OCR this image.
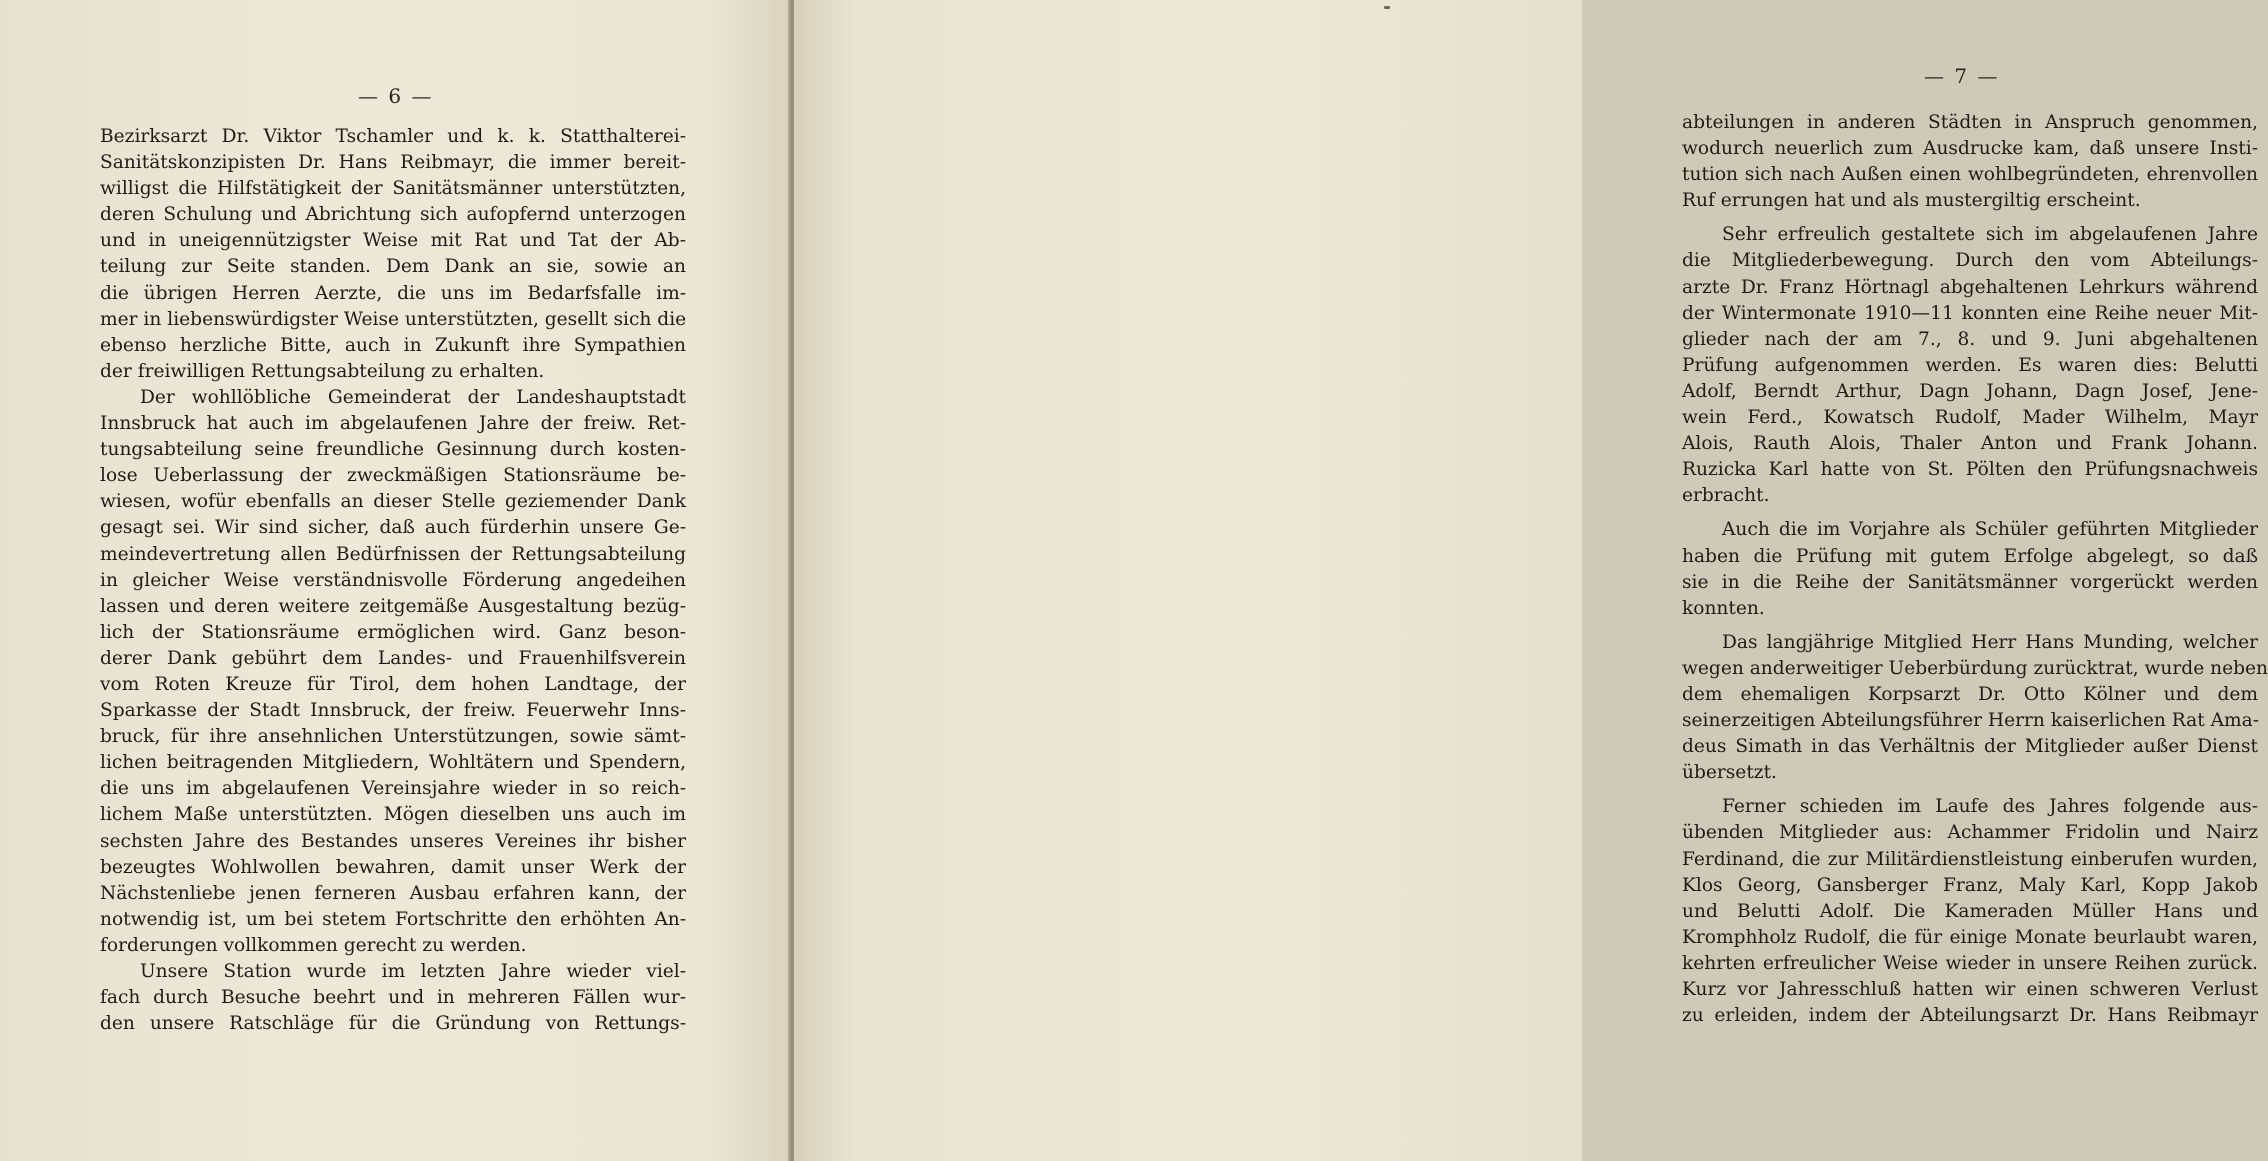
— 6 —
Bezirksarzt Dr. Viktor Tschamler und k. k. Statthalterei-
Sanitätskonzipisten Dr. Hans Reibmayr, die immer bereit-
willigst die Hilfstätigkeit der Sanitätsmänner unterstützten,
deren Schulung und Abrichtung sich aufopfernd unterzogen
und in uneigennützigster Weise mit Rat und Tat der Ab-
teilung zur Seite standen. Dem Dank an sie, sowie an
die übrigen Herren Aerzte, die uns im Bedarfsfalle im-
mer in liebenswürdigster Weise unterstützten, gesellt sich die
ebenso herzliche Bitte, auch in Zukunft ihre Sympathien
der freiwilligen Rettungsabteilung zu erhalten.
Der wohllöbliche Gemeinderat der Landeshauptstadt
Innsbruck hat auch im abgelaufenen Jahre der freiw. Ret-
tungsabteilung seine freundliche Gesinnung durch kosten-
lose Ueberlassung der zweckmäßigen Stationsräume be-
wiesen, wofür ebenfalls an dieser Stelle geziemender Dank
gesagt sei. Wir sind sicher, daß auch fürderhin unsere Ge-
meindevertretung allen Bedürfnissen der Rettungsabteilung
in gleicher Weise verständnisvolle Förderung angedeihen
lassen und deren weitere zeitgemäße Ausgestaltung bezüg-
lich der Stationsräume ermöglichen wird. Ganz beson-
derer Dank gebührt dem Landes- und Frauenhilfsverein
vom Roten Kreuze für Tirol, dem hohen Landtage, der
Sparkasse der Stadt Innsbruck, der freiw. Feuerwehr Inns-
bruck, für ihre ansehnlichen Unterstützungen, sowie sämt-
lichen beitragenden Mitgliedern, Wohltätern und Spendern,
die uns im abgelaufenen Vereinsjahre wieder in so reich-
lichem Maße unterstützten. Mögen dieselben uns auch im
sechsten Jahre des Bestandes unseres Vereines ihr bisher
bezeugtes Wohlwollen bewahren, damit unser Werk der
Nächstenliebe jenen ferneren Ausbau erfahren kann, der
notwendig ist, um bei stetem Fortschritte den erhöhten An-
forderungen vollkommen gerecht zu werden.
Unsere Station wurde im letzten Jahre wieder viel-
fach durch Besuche beehrt und in mehreren Fällen wur-
den unsere Ratschläge für die Gründung von Rettungs-
— 7 —
abteilungen in anderen Städten in Anspruch genommen,
wodurch neuerlich zum Ausdrucke kam, daß unsere Insti-
tution sich nach Außen einen wohlbegründeten, ehrenvollen
Ruf errungen hat und als mustergiltig erscheint.
Sehr erfreulich gestaltete sich im abgelaufenen Jahre
die Mitgliederbewegung. Durch den vom Abteilungs-
arzte Dr. Franz Hörtnagl abgehaltenen Lehrkurs während
der Wintermonate 1910—11 konnten eine Reihe neuer Mit-
glieder nach der am 7., 8. und 9. Juni abgehaltenen
Prüfung aufgenommen werden. Es waren dies: Belutti
Adolf, Berndt Arthur, Dagn Johann, Dagn Josef, Jene-
wein Ferd., Kowatsch Rudolf, Mader Wilhelm, Mayr
Alois, Rauth Alois, Thaler Anton und Frank Johann.
Ruzicka Karl hatte von St. Pölten den Prüfungsnachweis
erbracht.
Auch die im Vorjahre als Schüler geführten Mitglieder
haben die Prüfung mit gutem Erfolge abgelegt, so daß
sie in die Reihe der Sanitätsmänner vorgerückt werden
konnten.
Das langjährige Mitglied Herr Hans Munding, welcher
wegen anderweitiger Ueberbürdung zurücktrat, wurde neben
dem ehemaligen Korpsarzt Dr. Otto Kölner und dem
seinerzeitigen Abteilungsführer Herrn kaiserlichen Rat Ama-
deus Simath in das Verhältnis der Mitglieder außer Dienst
übersetzt.
Ferner schieden im Laufe des Jahres folgende aus-
übenden Mitglieder aus: Achammer Fridolin und Nairz
Ferdinand, die zur Militärdienstleistung einberufen wurden,
Klos Georg, Gansberger Franz, Maly Karl, Kopp Jakob
und Belutti Adolf. Die Kameraden Müller Hans und
Kromphholz Rudolf, die für einige Monate beurlaubt waren,
kehrten erfreulicher Weise wieder in unsere Reihen zurück.
Kurz vor Jahresschluß hatten wir einen schweren Verlust
zu erleiden, indem der Abteilungsarzt Dr. Hans Reibmayr
